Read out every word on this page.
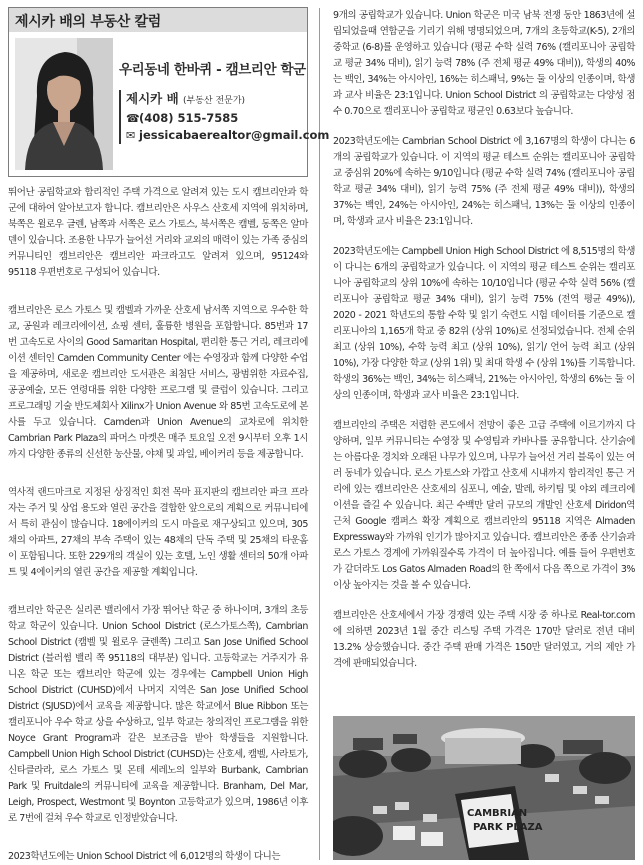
제시카 배의 부동산 칼럼
우리동네 한바퀴 - 캠브리안 학군
제시카 배 (부동산 전문가)
☎(408) 515-7585
✉ jessicabaerealtor@gmail.com

뛰어난 공립학교와 합리적인 주택 가격으로 알려져 있는 도시 캠브리안과 학군에 대하여 알아보고자 합니다. 캠브리안은 사우스 산호세 지역에 위치하며, 북쪽은 윌로우 글렌, 남쪽과 서쪽은 로스 가토스, 북서쪽은 캠벨, 동쪽은 알마덴이 있습니다. 조용한 나무가 늘어선 거리와 교외의 매력이 있는 가족 중심의 커뮤니티인 캠브리안은 캠브리안 파크라고도 알려져 있으며, 95124와 95118 우편번호로 구성되어 있습니다.

캠브리안은 로스 가토스 및 캠벨과 가까운 산호세 남서쪽 지역으로 우수한 학교, 공원과 레크리에이션, 쇼핑 센터, 훌륭한 병원을 포함합니다. 85번과 17번 고속도로 사이의 Good Samaritan Hospital, 편리한 통근 거리, 레크리에이션 센터인 Camden Community Center 에는 수영장과 함께 다양한 수업을 제공하며, 새로운 캠브리안 도서관은 최첨단 서비스, 광범위한 자료수집, 공공예술, 모든 연령대를 위한 다양한 프로그램 및 클럽이 있습니다. 그리고 프로그래밍 기술 반도체회사 Xilinx가 Union Avenue 와 85번 고속도로에 본사를 두고 있습니다. Camden과 Union Avenue의 교차로에 위치한 Cambrian Park Plaza의 파머스 마켓은 매주 토요일 오전 9시부터 오후 1시까지 다양한 종류의 신선한 농산물, 야채 및 과일, 베이커리 등을 제공합니다.

역사적 랜드마크로 지정된 상징적인 회전 목마 표지판의 캠브리안 파크 프라자는 주거 및 상업 용도와 열린 공간을 결합한 앞으로의 계획으로 커뮤니티에서 특히 관심이 많습니다. 18에이커의 도시 마을로 재구상되고 있으며, 305채의 아파트, 27채의 부속 주택이 있는 48채의 단독 주택 및 25채의 타운홈이 포함됩니다. 또한 229개의 객실이 있는 호텔, 노인 생활 센터의 50개 아파트 및 4에이커의 열린 공간을 제공할 계획입니다.

캠브리안 학군은 실리콘 밸리에서 가장 뛰어난 학군 중 하나이며, 3개의 초등학교 학군이 있습니다. Union School District (로스가토스쪽), Cambrian School District (캠벨 및 윌로우 글렌쪽) 그리고 San Jose Unified School District (블러썸 밸리 쪽 95118의 대부분) 입니다. 고등학교는 거주지가 유니온 학군 또는 캠브리안 학군에 있는 경우에는 Campbell Union High School District (CUHSD)에서 나머지 지역은 San Jose Unified School District (SJUSD)에서 교육을 제공합니다. 많은 학교에서 Blue Ribbon 또는 캘리포니아 우수 학교 상을 수상하고, 일부 학교는 창의적인 프로그램을 위한 Noyce Grant Program과 같은 보조금을 받아 학생들을 지원합니다. Campbell Union High School District (CUHSD)는 산호세, 캠벨, 사라토가, 신타클라라, 로스 가토스 및 몬테 세레노의 일부와 Burbank, Cambrian Park 및 Fruitdale의 커뮤니티에 교육을 제공합니다. Branham, Del Mar, Leigh, Prospect, Westmont 및 Boynton 고등학교가 있으며, 1986년 이후로 7번에 걸쳐 우수 학교로 인정받았습니다.

2023학년도에는 Union School District 에 6,012명의 학생이 다니는

9개의 공립학교가 있습니다. Union 학군은 미국 남북 전쟁 동안 1863년에 설립되었을때 연합군을 기리기 위해 명명되었으며, 7개의 초등학교(K-5), 2개의 중학교 (6-8)를 운영하고 있습니다 (평균 수학 실력 76% (캘리포니아 공립학교 평균 34% 대비), 읽기 능력 78% (주 전체 평균 49% 대비)), 학생의 40%는 백인, 34%는 아시아인, 16%는 히스패닉, 9%는 둘 이상의 인종이며, 학생과 교사 비율은 23:1입니다. Union School District 의 공립학교는 다양성 점수 0.70으로 캘리포니아 공립학교 평균인 0.63보다 높습니다.

2023학년도에는 Cambrian School District 에 3,167명의 학생이 다니는 6개의 공립학교가 있습니다. 이 지역의 평균 테스트 순위는 캘리포니아 공립학교 중심위 20%에 속하는 9/10입니다 (평균 수학 실력 74% (캘리포니아 공립학교 평균 34% 대비), 읽기 능력 75% (주 전체 평균 49% 대비)), 학생의 37%는 백인, 24%는 아시아인, 24%는 히스패닉, 13%는 둘 이상의 인종이며, 학생과 교사 비율은 23:1입니다.

2023학년도에는 Campbell Union High School District 에 8,515명의 학생이 다니는 6개의 공립학교가 있습니다. 이 지역의 평균 테스트 순위는 캘리포니아 공립학교의 상위 10%에 속하는 10/10입니다 (평균 수학 실력 56% (캘리포니아 공립학교 평균 34% 대비), 읽기 능력 75% (전역 평균 49%)), 2020 - 2021 학년도의 통합 수학 및 읽기 숙련도 시험 데이터를 기준으로 캘리포니아의 1,165개 학교 중 82위 (상위 10%)로 선정되었습니다. 전체 순위 최고 (상위 10%), 수학 능력 최고 (상위 10%), 읽기/ 언어 능력 최고 (상위 10%), 가장 다양한 학교 (상위 1위) 및 최대 학생 수 (상위 1%)를 기록합니다. 학생의 36%는 백인, 34%는 히스패닉, 21%는 아시아인, 학생의 6%는 둘 이상의 인종이며, 학생과 교사 비율은 23:1입니다.

캠브리안의 주택은 저렴한 콘도에서 전망이 좋은 고급 주택에 이르기까지 다양하며, 일부 커뮤니티는 수영장 및 수영팀과 카바나를 공유합니다. 산기슭에는 아름다운 경치와 오래된 나무가 있으며, 나무가 늘어선 거리 블록이 있는 여러 동네가 있습니다. 로스 가토스와 가깝고 산호세 시내까지 합리적인 통근 거리에 있는 캠브리안은 산호세의 심포니, 예술, 발레, 하키팀 및 야외 레크리에이션을 즐길 수 있습니다. 최근 수백만 달러 규모의 개발인 산호세 Diridon역 근처 Google 캠퍼스 확장 계획으로 캠브리안의 95118 지역은 Almaden Expressway와 가까워 인기가 많아지고 있습니다. 캠브리안은 종종 산기슭과 로스 가토스 경계에 가까워질수록 가격이 더 높아집니다. 예를 들어 우편번호가 같더라도 Los Gatos Almaden Road의 한 쪽에서 다음 쪽으로 가격이 3% 이상 높아지는 것을 볼 수 있습니다.

캠브리안은 산호세에서 가장 경쟁력 있는 주택 시장 중 하나로 Real-tor.com에 의하면 2023년 1월 중간 리스팅 주택 가격은 170만 달러로 전년 대비 13.2% 상승했습니다. 중간 주택 판매 가격은 150만 달러였고, 거의 제안 가격에 판매되었습니다.

CAMBRIAN
PARK PLAZA
